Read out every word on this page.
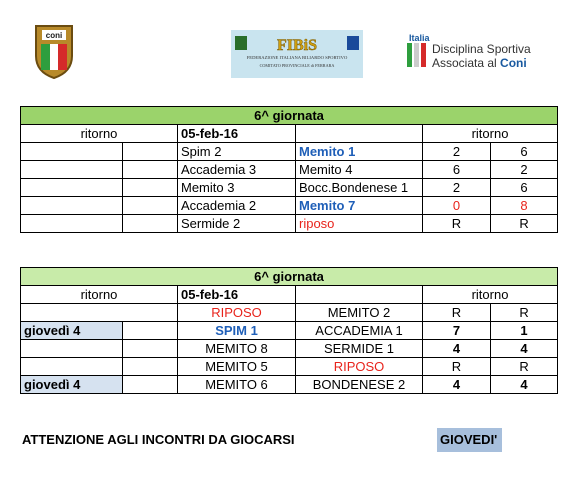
coni
FIBiS
FEDERAZIONE ITALIANA BILIARDO SPORTIVO
COMITATO PROVINCIALE di FERRARA
Italia
Disciplina Sportiva
Associata al Coni
6^ giornata					
ritorno		05-feb-16		ritorno	
		Spim 2	Memito 1	2	6
		Accademia 3	Memito 4	6	2
		Memito 3	Bocc.Bondenese 1	2	6
		Accademia 2	Memito 7	0	8
		Sermide 2	riposo	R	R
6^ giornata					
ritorno		05-feb-16		ritorno	
		RIPOSO	MEMITO 2	R	R
giovedì 4		SPIM 1	ACCADEMIA 1	7	1
		MEMITO 8	SERMIDE 1	4	4
		MEMITO 5	RIPOSO	R	R
giovedì 4		MEMITO 6	BONDENESE 2	4	4
ATTENZIONE AGLI INCONTRI DA GIOCARSI	GIOVEDI'
